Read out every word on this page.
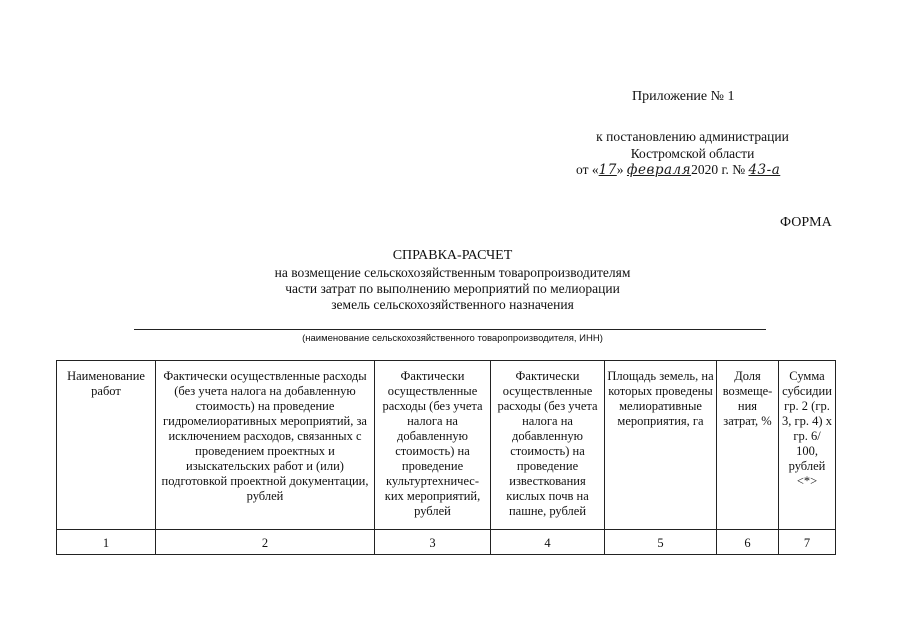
Приложение № 1
к постановлению администрации
Костромской области
от «17» февраля2020 г. № 43-а
ФОРМА
СПРАВКА-РАСЧЕТ
на возмещение сельскохозяйственным товаропроизводителям
части затрат по выполнению мероприятий по мелиорации
земель сельскохозяйственного назначения
(наименование сельскохозяйственного товаропроизводителя, ИНН)
Наименование работ	Фактически осуществленные расходы (без учета налога на добавленную стоимость) на проведение гидромелиоративных мероприятий, за исключением расходов, связанных с проведением проектных и изыскательских работ и (или) подготовкой проектной документации, рублей	Фактически осуществленные расходы (без учета налога на добавленную стоимость) на проведение культуртехничес-ких мероприятий, рублей	Фактически осуществленные расходы (без учета налога на добавленную стоимость) на проведение известкования кислых почв на пашне, рублей	Площадь земель, на которых проведены мелиоративные мероприятия, га	Доля возмеще-ния затрат, %	Сумма субсидии гр. 2 (гр. 3, гр. 4) x гр. 6/ 100, рублей <*>
1	2	3	4	5	6	7
